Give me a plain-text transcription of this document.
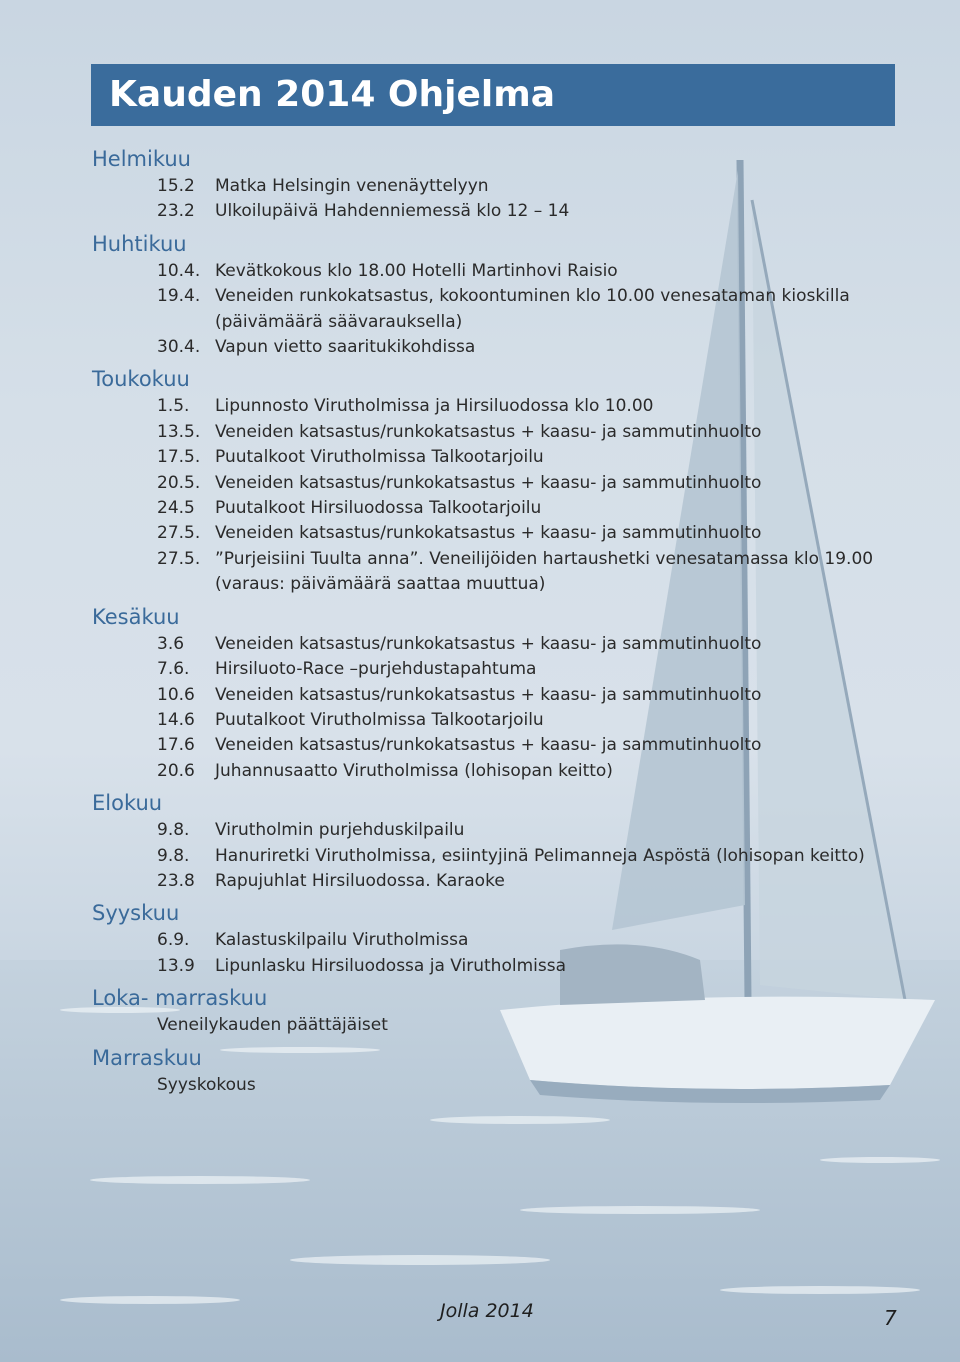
Kauden 2014 Ohjelma
Helmikuu
15.2	Matka Helsingin venenäyttelyyn
23.2	Ulkoilupäivä Hahdenniemessä klo 12 – 14
Huhtikuu
10.4. Kevätkokous klo 18.00 Hotelli Martinhovi Raisio
19.4. Veneiden runkokatsastus, kokoontuminen klo 10.00 venesataman kioskilla (päivämäärä säävarauksella)
30.4. Vapun vietto saaritukikohdissa
Toukokuu
1.5.	Lipunnosto Virutholmissa ja Hirsiluodossa klo 10.00
13.5. Veneiden katsastus/runkokatsastus + kaasu- ja sammutinhuolto
17.5. Puutalkoot Virutholmissa Talkootarjoilu
20.5. Veneiden katsastus/runkokatsastus + kaasu- ja sammutinhuolto
24.5	Puutalkoot Hirsiluodossa Talkootarjoilu
27.5. Veneiden katsastus/runkokatsastus + kaasu- ja sammutinhuolto
27.5. ”Purjeisiini Tuulta anna”. Veneilijöiden hartaushetki venesatamassa klo 19.00 (varaus: päivämäärä saattaa muuttua)
Kesäkuu
3.6	Veneiden katsastus/runkokatsastus + kaasu- ja sammutinhuolto
7.6.	Hirsiluoto-Race –purjehdustapahtuma
10.6	Veneiden katsastus/runkokatsastus + kaasu- ja sammutinhuolto
14.6	Puutalkoot Virutholmissa Talkootarjoilu
17.6	Veneiden katsastus/runkokatsastus + kaasu- ja sammutinhuolto
20.6	Juhannusaatto Virutholmissa (lohisopan keitto)
Elokuu
9.8.	Virutholmin purjehduskilpailu
9.8.	Hanuriretki Virutholmissa, esiintyjinä Pelimanneja Aspöstä (lohisopan keitto)
23.8	Rapujuhlat Hirsiluodossa. Karaoke
Syyskuu
6.9.	Kalastuskilpailu Virutholmissa
13.9	Lipunlasku Hirsiluodossa ja Virutholmissa
Loka- marraskuu
Veneilykauden päättäjäiset
Marraskuu
Syyskokous
Jolla 2014	7
